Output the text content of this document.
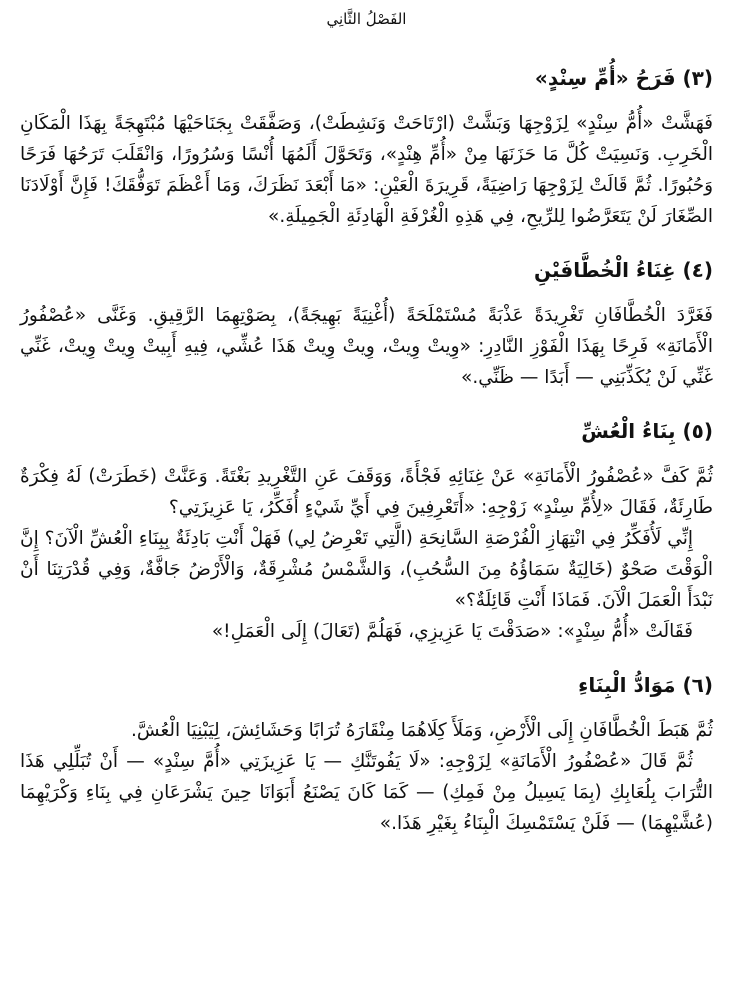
الفَصْلُ الثَّانِي
(٣) فَرَحُ «أُمِّ سِنْدٍ»

فَهَشَّتْ «أُمُّ سِنْدٍ» لِزَوْجِهَا وَبَشَّتْ (ارْتَاحَتْ وَنَشِطَتْ)، وَصَفَّقَتْ بِجَنَاحَيْهَا مُبْتَهِجَةً بِهَذَا الْمَكَانِ الْخَرِبِ. وَنَسِيَتْ كُلَّ مَا حَزَنَهَا مِنْ «أُمِّ هِنْدٍ»، وَتَحَوَّلَ أَلَمُهَا أُنْسًا وَسُرُورًا، وَانْقَلَبَ تَرَحُهَا فَرَحًا وَحُبُورًا. ثُمَّ قَالَتْ لِزَوْجِهَا رَاضِيَةً، قَرِيرَةَ الْعَيْنِ: «مَا أَبْعَدَ نَظَرَكَ، وَمَا أَعْظَمَ تَوَفُّقَكَ! فَإِنَّ أَوْلَادَنَا الصِّغَارَ لَنْ يَتَعَرَّضُوا لِلرِّيحِ، فِي هَذِهِ الْغُرْفَةِ الْهَادِئَةِ الْجَمِيلَةِ.»

(٤) غِنَاءُ الْخُطَّافَيْنِ

فَغَرَّدَ الْخُطَّافَانِ تَغْرِيدَةً عَذْبَةً مُسْتَمْلَحَةً (أُغْنِيَةً بَهِيجَةً)، بِصَوْتِهِمَا الرَّقِيقِ. وَغَنَّى «عُصْفُورُ الْأَمَانَةِ» فَرِحًا بِهَذَا الْفَوْزِ النَّادِرِ: «وِيتْ وِيتْ، وِيتْ وِيتْ هَذَا عُشِّي، فِيهِ أَبِيتْ وِيتْ وِيتْ، غَنِّي غَنِّي لَنْ يُكَذِّبَنِي — أَبَدًا — ظَنِّي.»

(٥) بِنَاءُ الْعُشِّ

ثُمَّ كَفَّ «عُصْفُورُ الْأَمَانَةِ» عَنْ غِنَائِهِ فَجْأَةً، وَوَقَفَ عَنِ التَّغْرِيدِ بَغْتَةً. وَعَنَّتْ (خَطَرَتْ) لَهُ فِكْرَةٌ طَارِئَةٌ، فَقَالَ «لِأُمِّ سِنْدٍ» زَوْجِهِ: «أَتَعْرِفِينَ فِي أَيِّ شَيْءٍ أُفَكِّرُ، يَا عَزِيزَتِي؟

إِنِّي لَأُفَكِّرُ فِي انْتِهَازِ الْفُرْصَةِ السَّانِحَةِ (الَّتِي تَعْرِضُ لِي) فَهَلْ أَنْتِ بَادِئَةٌ بِبِنَاءِ الْعُشِّ الْآنَ؟ إِنَّ الْوَقْتَ صَحْوٌ (خَالِيَةٌ سَمَاؤُهُ مِنَ السُّحُبِ)، وَالشَّمْسُ مُشْرِقَةٌ، وَالْأَرْضُ جَافَّةٌ، وَفِي قُدْرَتِنَا أَنْ نَبْدَأَ الْعَمَلَ الْآنَ. فَمَاذَا أَنْتِ قَائِلَةٌ؟»

فَقَالَتْ «أُمُّ سِنْدٍ»: «صَدَقْتَ يَا عَزِيزِي، فَهَلُمَّ (تَعَالَ) إِلَى الْعَمَلِ!»

(٦) مَوَادُّ الْبِنَاءِ

ثُمَّ هَبَطَ الْخُطَّافَانِ إِلَى الْأَرْضِ، وَمَلَأَ كِلَاهُمَا مِنْقَارَهُ تُرَابًا وَحَشَائِشَ، لِيَبْنِيَا الْعُشَّ.

ثُمَّ قَالَ «عُصْفُورُ الْأَمَانَةِ» لِزَوْجِهِ: «لَا يَفُوتَنَّكِ — يَا عَزِيزَتِي «أُمَّ سِنْدٍ» — أَنْ تُبَلِّلِي هَذَا التُّرَابَ بِلُعَابِكِ (بِمَا يَسِيلُ مِنْ فَمِكِ) — كَمَا كَانَ يَصْنَعُ أَبَوَانَا حِينَ يَشْرَعَانِ فِي بِنَاءِ وَكْرَيْهِمَا (عُشَّيْهِمَا) — فَلَنْ يَسْتَمْسِكَ الْبِنَاءُ بِغَيْرِ هَذَا.»
